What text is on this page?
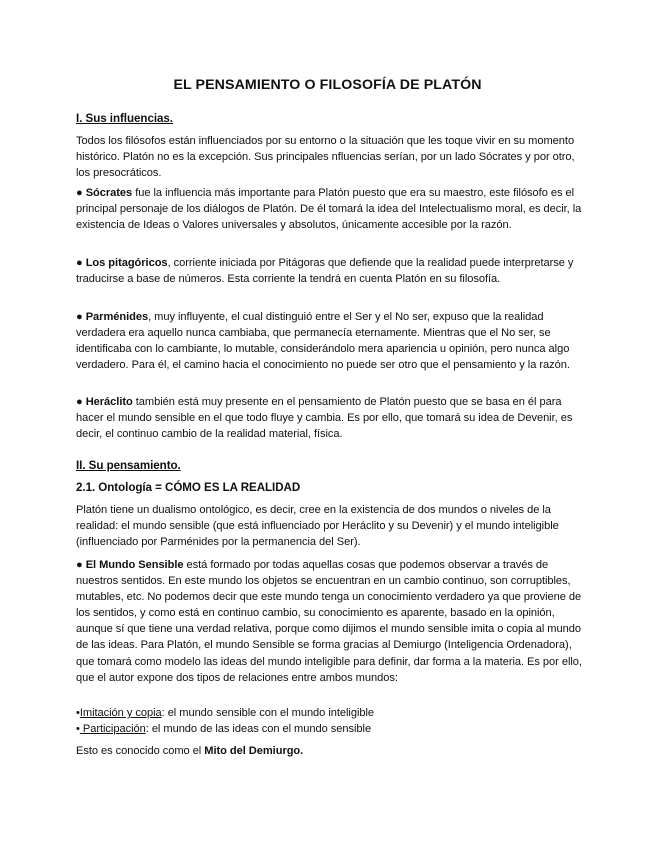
EL PENSAMIENTO O FILOSOFÍA DE PLATÓN
I. Sus influencias.
Todos los filósofos están influenciados por su entorno o la situación que les toque vivir en su momento histórico. Platón no es la excepción. Sus principales nfluencias serían, por un lado Sócrates y por otro, los presocráticos.
● Sócrates fue la influencia más importante para Platón puesto que era su maestro, este filósofo es el principal personaje de los diálogos de Platón. De él tomará la idea del Intelectualismo moral, es decir, la existencia de Ideas o Valores universales y absolutos, únicamente accesible por la razón.
● Los pitagóricos, corriente iniciada por Pitágoras que defiende que la realidad puede interpretarse y traducirse a base de números. Esta corriente la tendrá en cuenta Platón en su filosofía.
● Parménides, muy influyente, el cual distinguió entre el Ser y el No ser, expuso que la realidad verdadera era aquello nunca cambiaba, que permanecía eternamente. Mientras que el No ser, se identificaba con lo cambiante, lo mutable, considerándolo mera apariencia u opinión, pero nunca algo verdadero. Para él, el camino hacia el conocimiento no puede ser otro que el pensamiento y la razón.
● Heráclito también está muy presente en el pensamiento de Platón puesto que se basa en él para hacer el mundo sensible en el que todo fluye y cambia. Es por ello, que tomará su idea de Devenir, es decir, el continuo cambio de la realidad material, física.
II. Su pensamiento.
2.1. Ontología = CÓMO ES LA REALIDAD
Platón tiene un dualismo ontológico, es decir, cree en la existencia de dos mundos o niveles de la realidad: el mundo sensible (que está influenciado por Heráclito y su Devenir) y el mundo inteligible (influenciado por Parménides por la permanencia del Ser).
● El Mundo Sensible está formado por todas aquellas cosas que podemos observar a través de nuestros sentidos. En este mundo los objetos se encuentran en un cambio continuo, son corruptibles, mutables, etc. No podemos decir que este mundo tenga un conocimiento verdadero ya que proviene de los sentidos, y como está en continuo cambio, su conocimiento es aparente, basado en la opinión, aunque sí que tiene una verdad relativa, porque como dijimos el mundo sensible imita o copia al mundo de las ideas. Para Platón, el mundo Sensible se forma gracias al Demiurgo (Inteligencia Ordenadora), que tomará como modelo las ideas del mundo inteligible para definir, dar forma a la materia. Es por ello, que el autor expone dos tipos de relaciones entre ambos mundos:
•Imitación y copia: el mundo sensible con el mundo inteligible
• Participación: el mundo de las ideas con el mundo sensible
Esto es conocido como el Mito del Demiurgo.
